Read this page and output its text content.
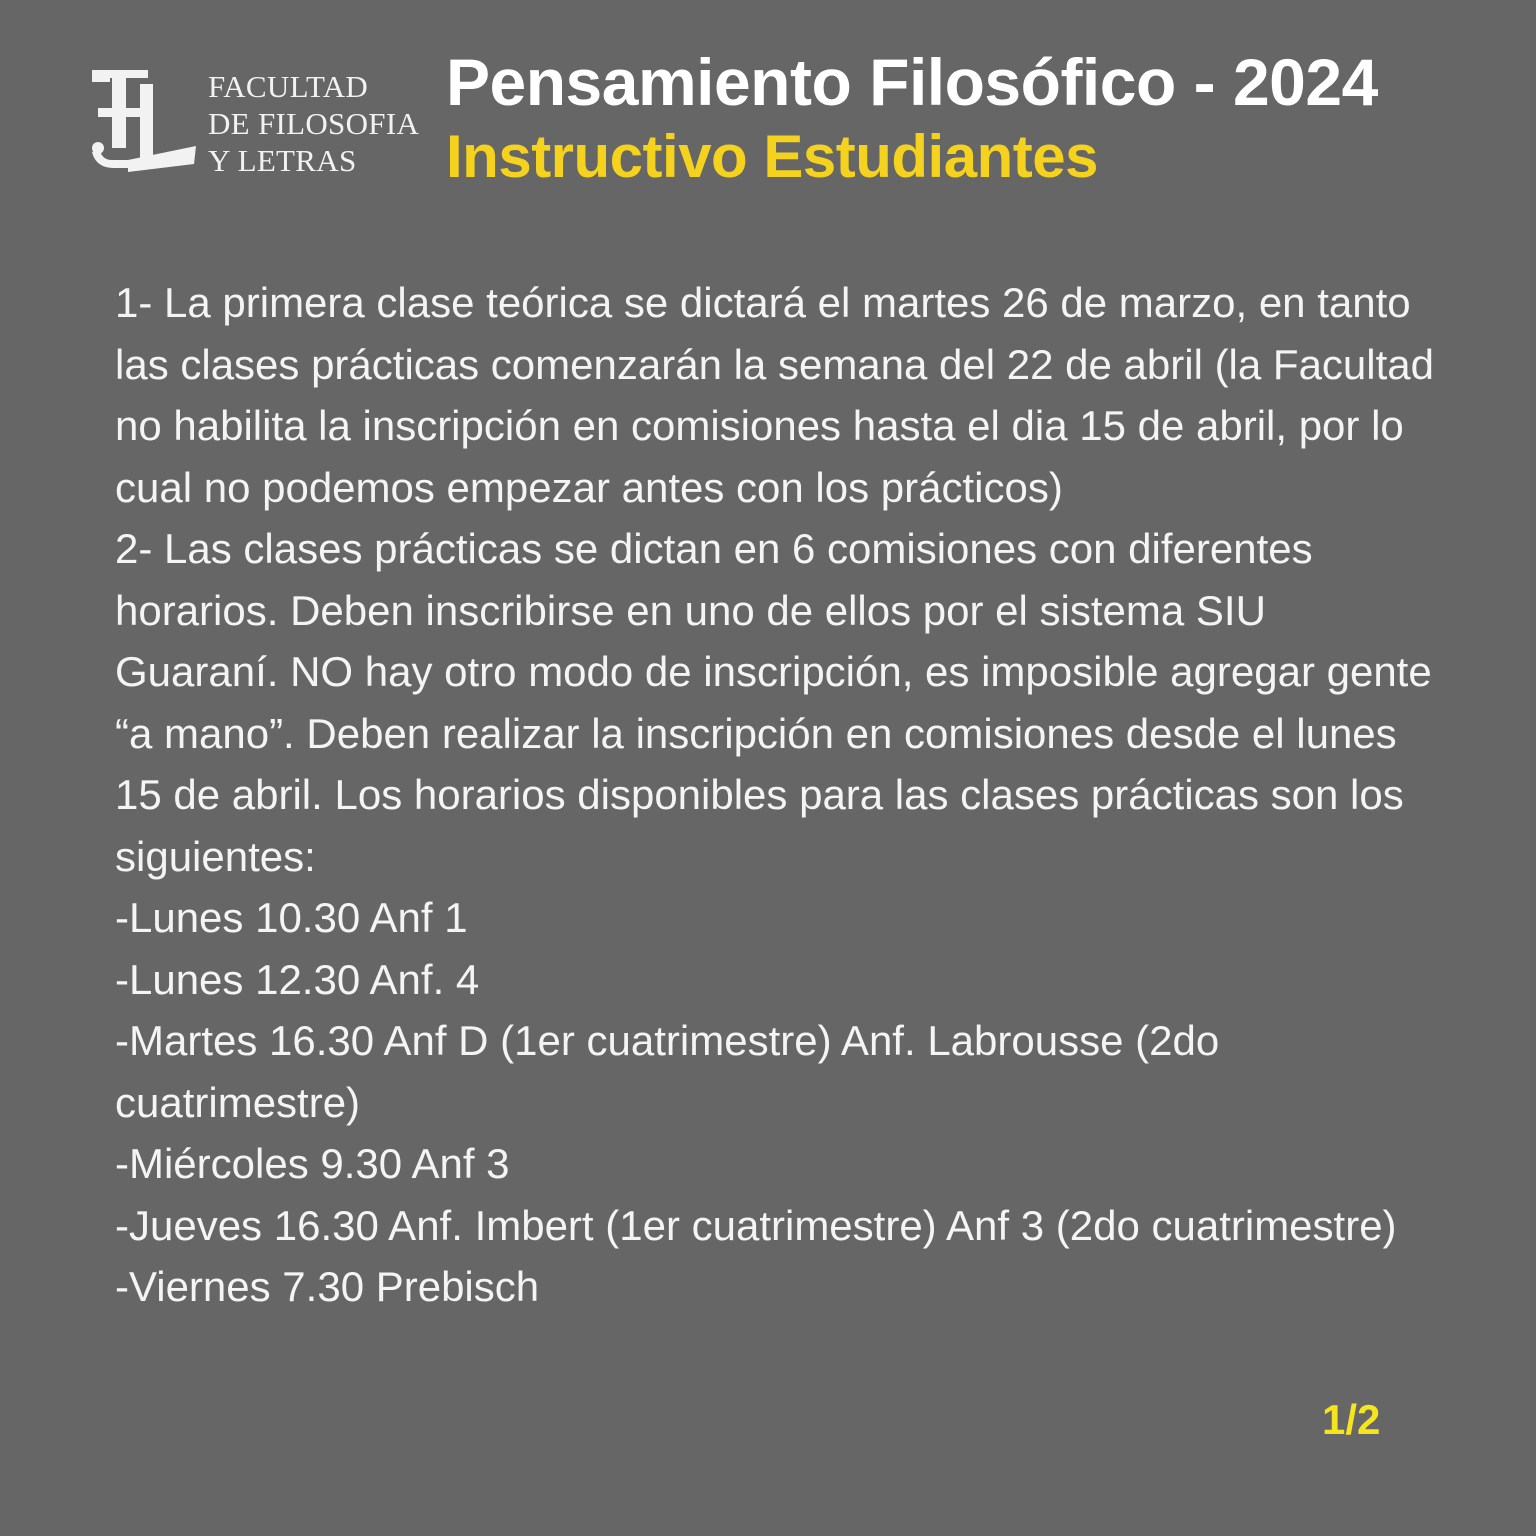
FACULTAD
DE FILOSOFIA
Y LETRAS
Pensamiento Filosófico - 2024
Instructivo Estudiantes

1- La primera clase teórica se dictará el martes 26 de marzo, en tanto las clases prácticas comenzarán la semana del 22 de abril (la Facultad no habilita la inscripción en comisiones hasta el dia 15 de abril, por lo cual no podemos empezar antes con los prácticos)

2- Las clases prácticas se dictan en 6 comisiones con diferentes horarios. Deben inscribirse en uno de ellos por el sistema SIU Guaraní. NO hay otro modo de inscripción, es imposible agregar gente “a mano”. Deben realizar la inscripción en comisiones desde el lunes 15 de abril. Los horarios disponibles para las clases prácticas son los siguientes:

-Lunes 10.30 Anf 1
-Lunes 12.30 Anf. 4
-Martes 16.30 Anf D (1er cuatrimestre) Anf. Labrousse (2do cuatrimestre)
-Miércoles 9.30 Anf 3
-Jueves 16.30 Anf. Imbert (1er cuatrimestre) Anf 3 (2do cuatrimestre)
-Viernes 7.30 Prebisch
1/2
